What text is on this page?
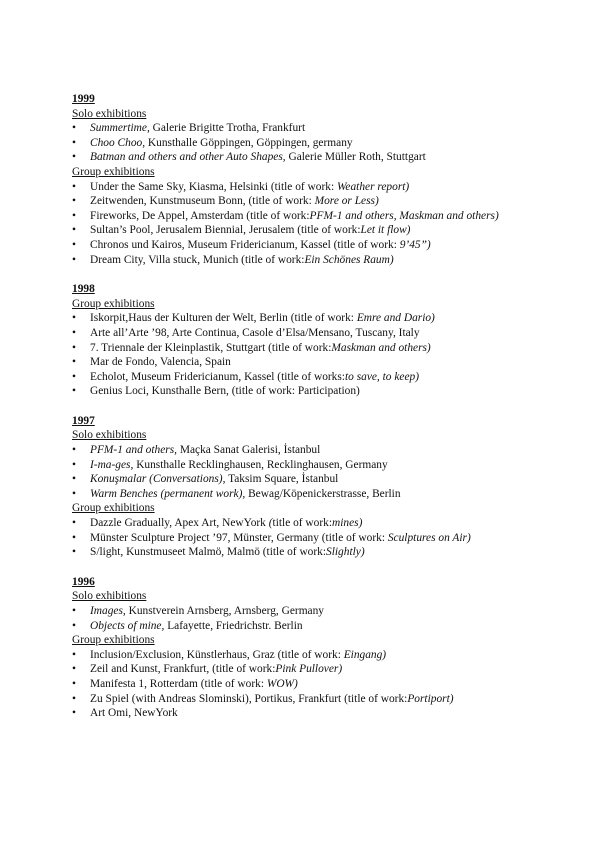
1999
Solo exhibitions
• Summertime, Galerie Brigitte Trotha, Frankfurt
• Choo Choo, Kunsthalle Göppingen, Göppingen, germany
• Batman and others and other Auto Shapes, Galerie Müller Roth, Stuttgart
Group exhibitions
• Under the Same Sky, Kiasma, Helsinki (title of work: Weather report)
• Zeitwenden, Kunstmuseum Bonn, (title of work: More or Less)
• Fireworks, De Appel, Amsterdam (title of work:PFM-1 and others, Maskman and others)
• Sultan’s Pool, Jerusalem Biennial, Jerusalem (title of work:Let it flow)
• Chronos und Kairos, Museum Fridericianum, Kassel (title of work: 9’45”)
• Dream City, Villa stuck, Munich (title of work:Ein Schönes Raum)
1998
Group exhibitions
• Iskorpit,Haus der Kulturen der Welt, Berlin (title of work: Emre and Dario)
• Arte all’Arte ’98, Arte Continua, Casole d’Elsa/Mensano, Tuscany, Italy
• 7. Triennale der Kleinplastik, Stuttgart (title of work:Maskman and others)
• Mar de Fondo, Valencia, Spain
• Echolot, Museum Fridericianum, Kassel (title of works:to save, to keep)
• Genius Loci, Kunsthalle Bern, (title of work: Participation)
1997
Solo exhibitions
• PFM-1 and others, Maçka Sanat Galerisi, İstanbul
• I-ma-ges, Kunsthalle Recklinghausen, Recklinghausen, Germany
• Konuşmalar (Conversations), Taksim Square, İstanbul
• Warm Benches (permanent work), Bewag/Köpenickerstrasse, Berlin
Group exhibitions
• Dazzle Gradually, Apex Art, NewYork (title of work:mines)
• Münster Sculpture Project ’97, Münster, Germany (title of work: Sculptures on Air)
• S/light, Kunstmuseet Malmö, Malmö (title of work:Slightly)
1996
Solo exhibitions
• Images, Kunstverein Arnsberg, Arnsberg, Germany
• Objects of mine, Lafayette, Friedrichstr. Berlin
Group exhibitions
• Inclusion/Exclusion, Künstlerhaus, Graz (title of work: Eingang)
• Zeil and Kunst, Frankfurt, (title of work:Pink Pullover)
• Manifesta 1, Rotterdam (title of work: WOW)
• Zu Spiel (with Andreas Slominski), Portikus, Frankfurt (title of work:Portiport)
• Art Omi, NewYork
